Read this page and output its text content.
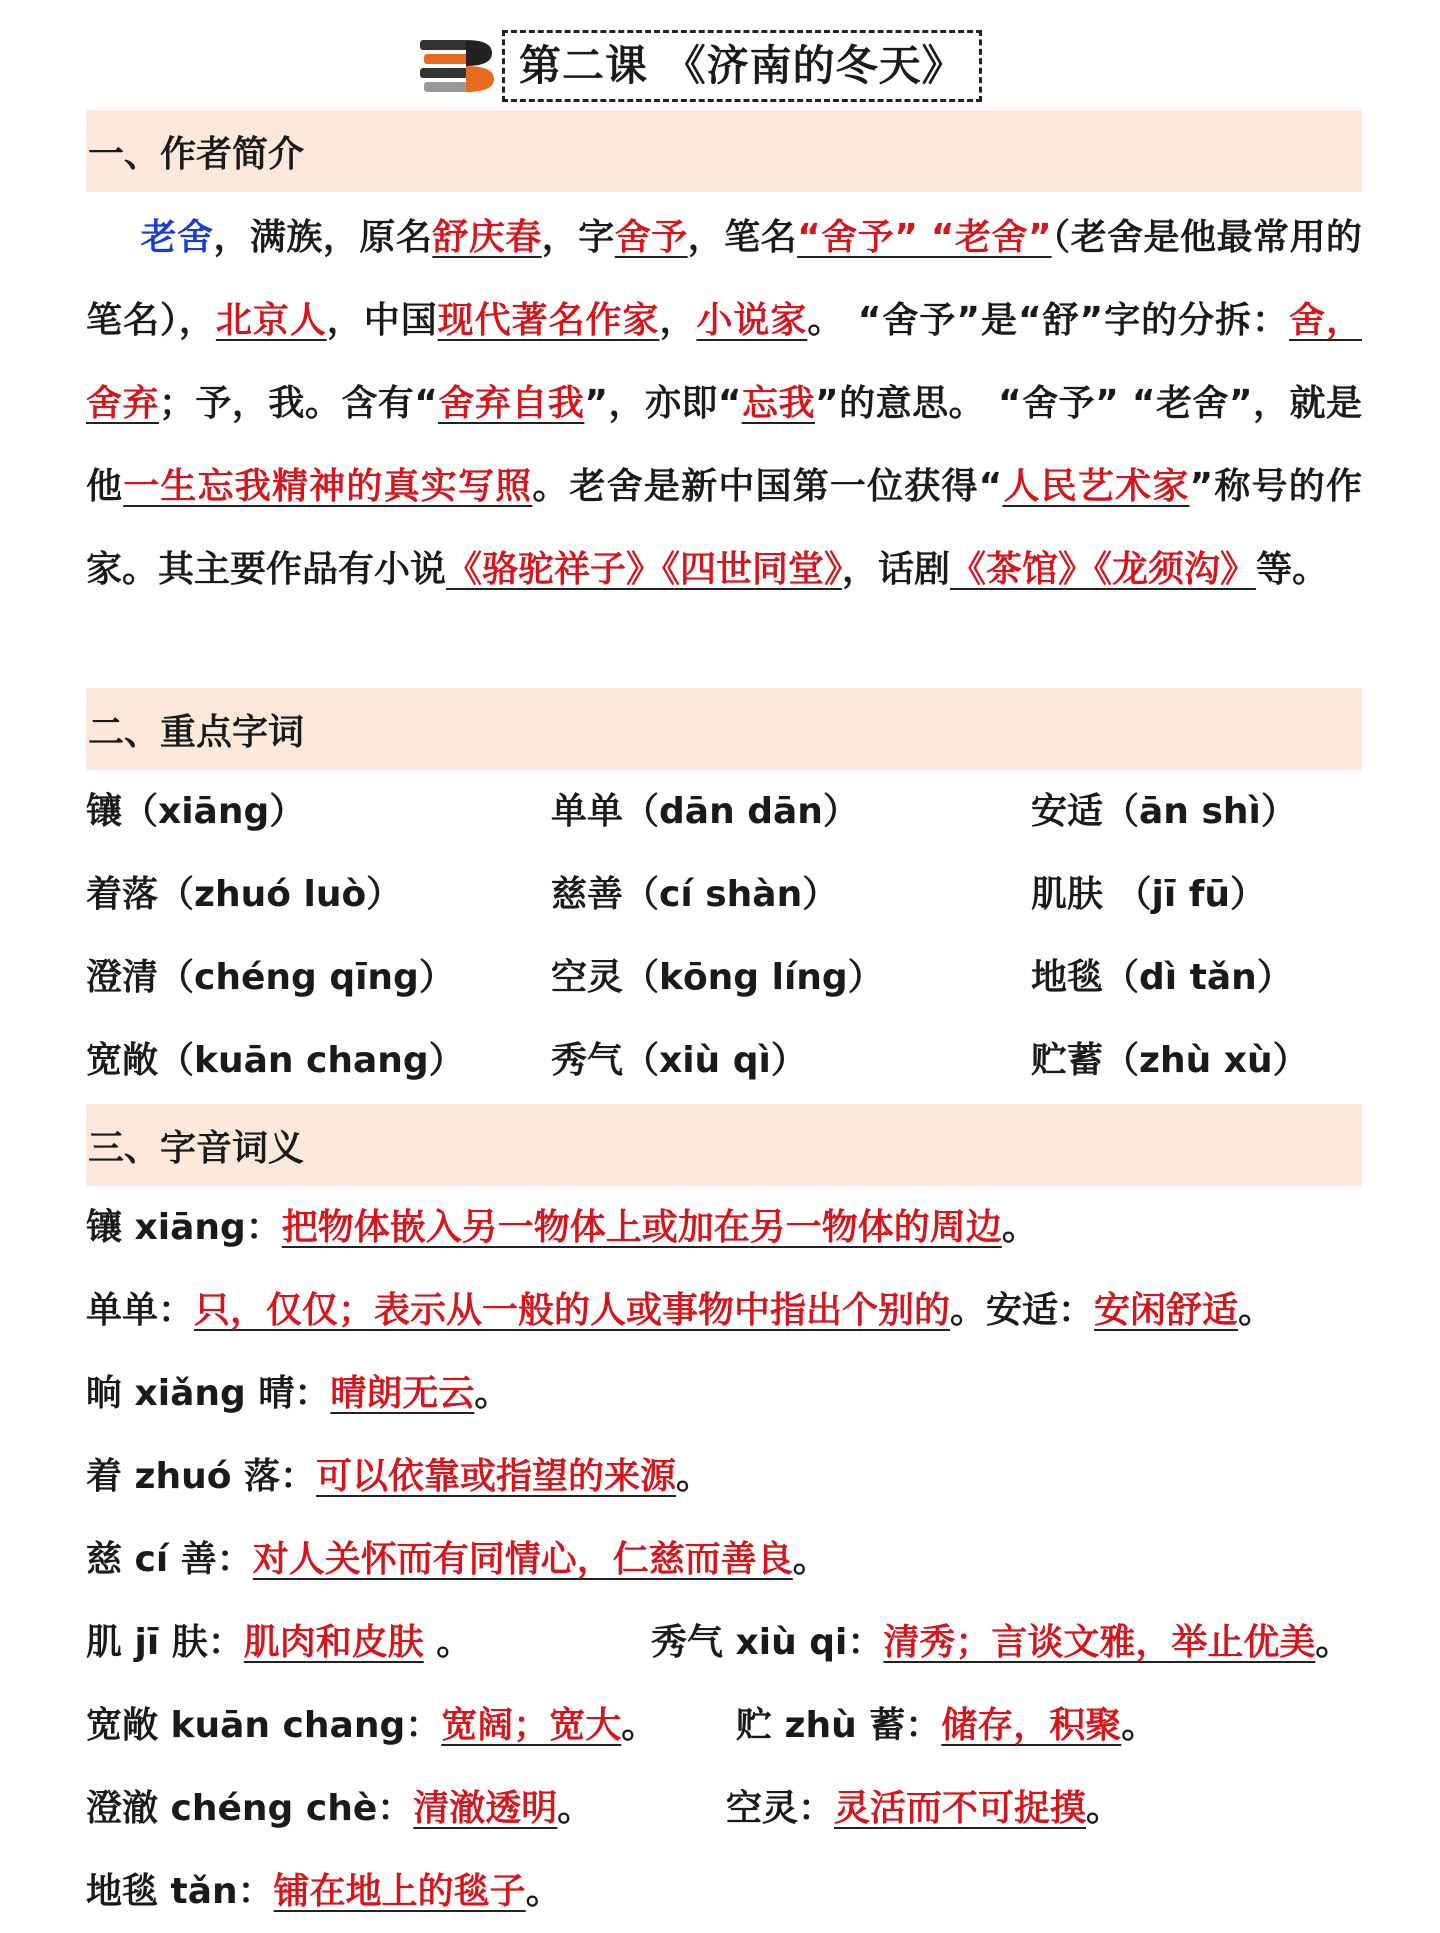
第二课 《济南的冬天》
一、作者简介
老舍，满族，原名舒庆春，字舍予，笔名“舍予” “老舍”（老舍是他最常用的笔名），北京人，中国现代著名作家，小说家。 “舍予”是“舒”字的分拆：舍，舍弃；予，我。含有“舍弃自我”，亦即“忘我”的意思。 “舍予” “老舍”，就是他一生忘我精神的真实写照。老舍是新中国第一位获得“人民艺术家”称号的作家。其主要作品有小说《骆驼祥子》《四世同堂》，话剧《茶馆》《龙须沟》等。
二、重点字词
镶（xiāng）	单单（dān dān）	安适（ān shì）
着落（zhuó luò）	慈善（cí shàn）	肌肤 （jī fū）
澄清（chéng qīng）	空灵（kōng líng）	地毯（dì tǎn）
宽敞（kuān chang）	秀气（xiù qì）	贮蓄（zhù xù）
三、字音词义
镶 xiāng：把物体嵌入另一物体上或加在另一物体的周边。
单单：只，仅仅；表示从一般的人或事物中指出个别的。安适：安闲舒适。
晌 xiǎng 晴：晴朗无云。
着 zhuó 落：可以依靠或指望的来源。
慈 cí 善：对人关怀而有同情心，仁慈而善良。
肌 jī 肤：肌肉和皮肤 。	秀气 xiù qi：清秀；言谈文雅，举止优美。
宽敞 kuān chang：宽阔；宽大。 贮 zhù 蓄：储存，积聚。
澄澈 chéng chè：清澈透明。	空灵：灵活而不可捉摸。
地毯 tǎn：铺在地上的毯子。
